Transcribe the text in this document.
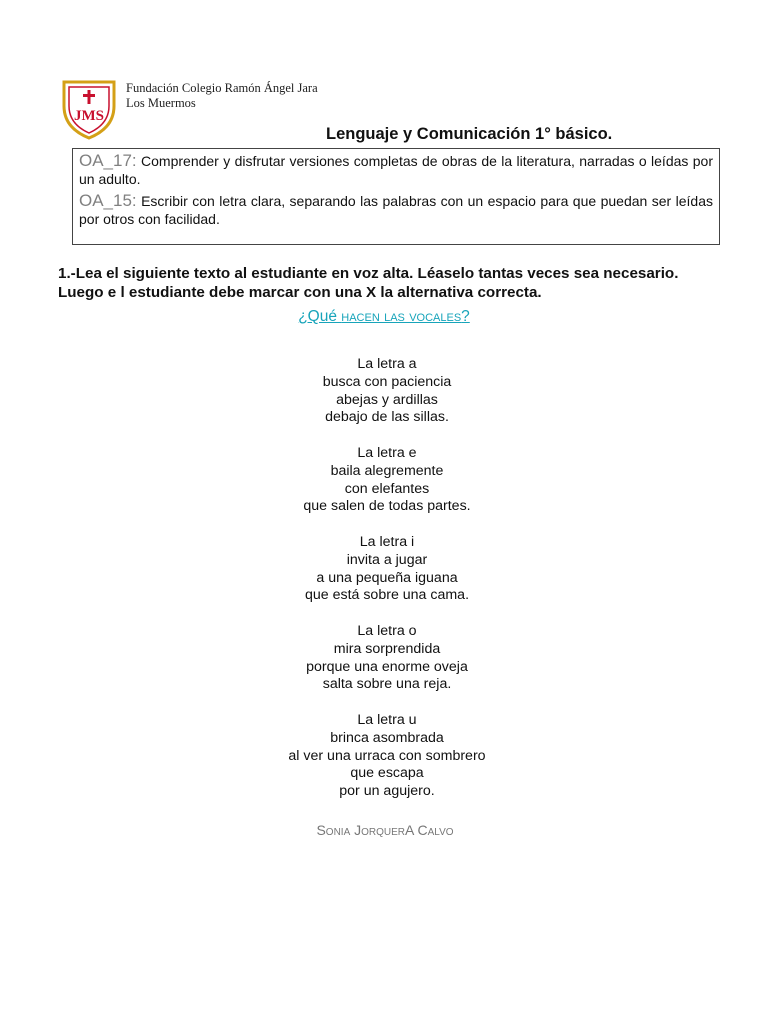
JMS
Fundación Colegio Ramón Ángel Jara
Los Muermos
Lenguaje y Comunicación 1° básico.
OA_17: Comprender y disfrutar versiones completas de obras de la literatura, narradas o leídas por un adulto.
OA_15: Escribir con letra clara, separando las palabras con un espacio para que puedan ser leídas por otros con facilidad.
1.-Lea el siguiente texto al estudiante en voz alta. Léaselo tantas veces sea necesario. Luego e l estudiante debe marcar con una X la alternativa correcta.
¿Qué hacen las vocales?
La letra a
busca con paciencia
abejas y ardillas
debajo de las sillas.
La letra e
baila alegremente
con elefantes
que salen de todas partes.
La letra i
invita a jugar
a una pequeña iguana
que está sobre una cama.
La letra o
mira sorprendida
porque una enorme oveja
salta sobre una reja.
La letra u
brinca asombrada
al ver una urraca con sombrero
que escapa
por un agujero.
Sonia JorquerA Calvo
